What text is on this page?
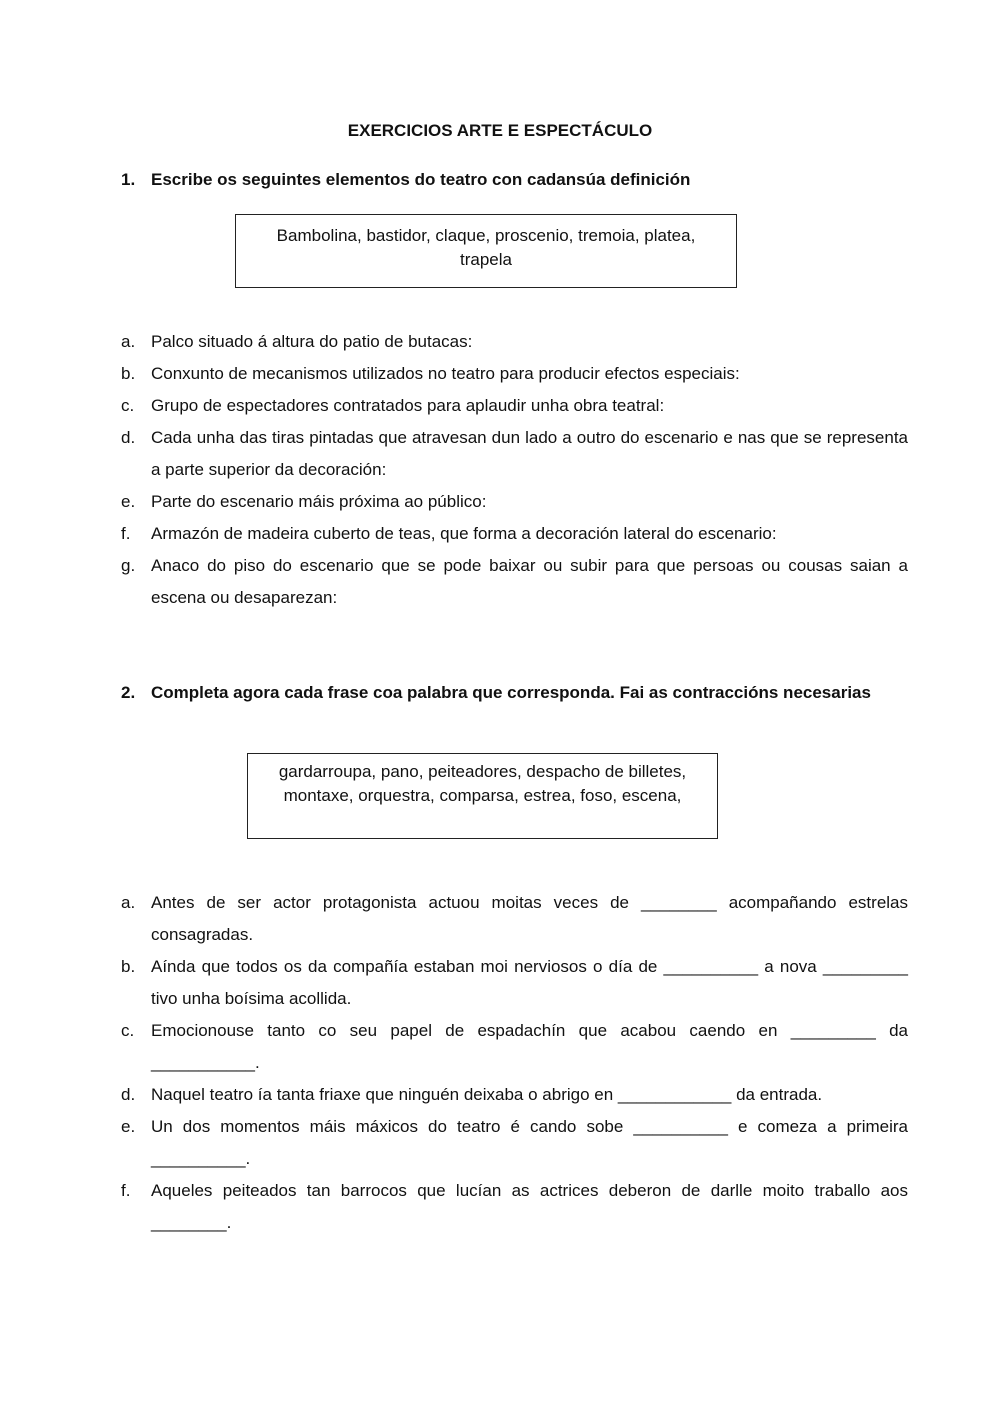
EXERCICIOS ARTE E ESPECTÁCULO
1. Escribe os seguintes elementos do teatro con cadansúa definición
Bambolina, bastidor, claque, proscenio, tremoia, platea,
trapela
a. Palco situado á altura do patio de butacas:
b. Conxunto de mecanismos utilizados no teatro para producir efectos especiais:
c. Grupo de espectadores contratados para aplaudir unha obra teatral:
d. Cada unha das tiras pintadas que atravesan dun lado a outro do escenario e nas que se representa a parte superior da decoración:
e. Parte do escenario máis próxima ao público:
f. Armazón de madeira cuberto de teas, que forma a decoración lateral do escenario:
g. Anaco do piso do escenario que se pode baixar ou subir para que persoas ou cousas saian a escena ou desaparezan:
2. Completa agora cada frase coa palabra que corresponda. Fai as contraccións necesarias
gardarroupa, pano, peiteadores, despacho de billetes,
montaxe, orquestra, comparsa, estrea, foso, escena,
a. Antes de ser actor protagonista actuou moitas veces de ________ acompañando estrelas consagradas.
b. Aínda que todos os da compañía estaban moi nerviosos o día de __________ a nova _________ tivo unha boísima acollida.
c. Emocionouse tanto co seu papel de espadachín que acabou caendo en _________ da ___________.
d. Naquel teatro ía tanta friaxe que ninguén deixaba o abrigo en ____________ da entrada.
e. Un dos momentos máis máxicos do teatro é cando sobe __________ e comeza a primeira __________.
f. Aqueles peiteados tan barrocos que lucían as actrices deberon de darlle moito traballo aos ________.
